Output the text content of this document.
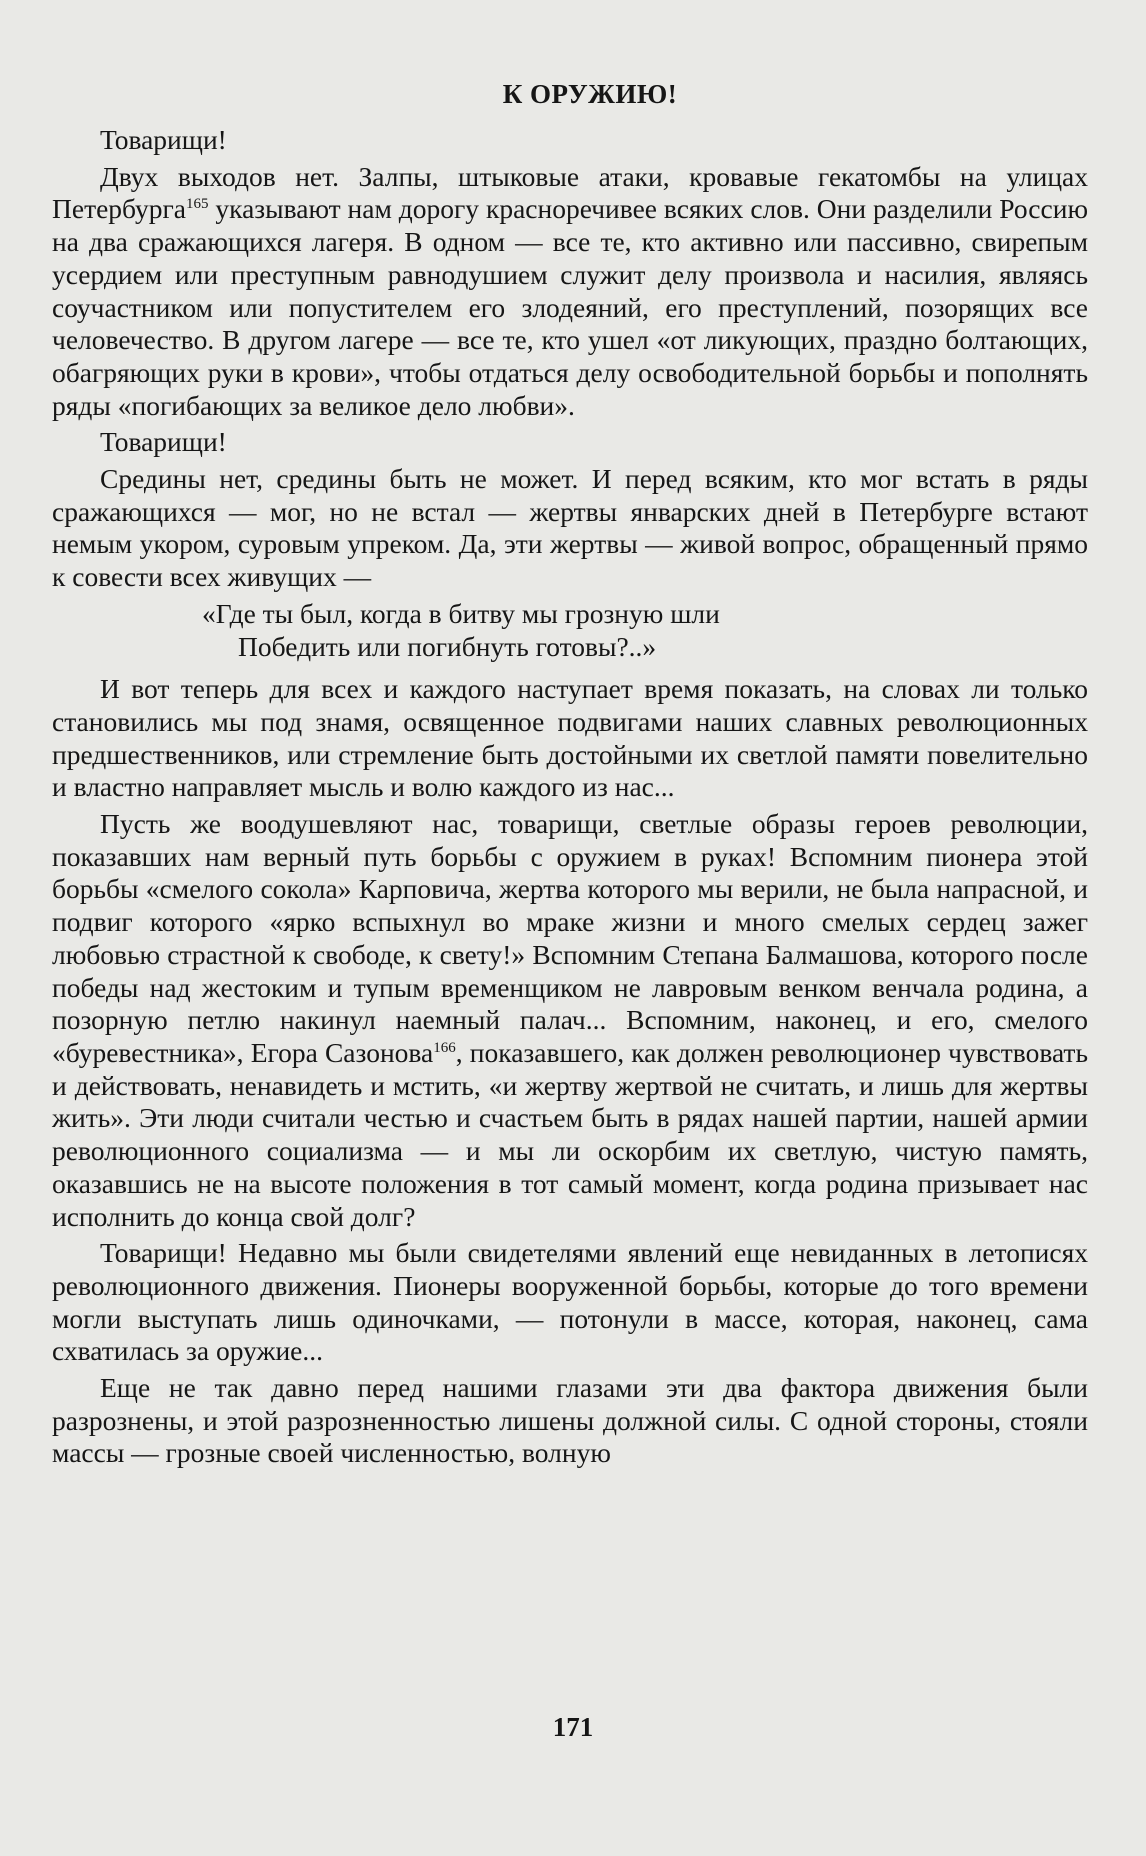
К ОРУЖИЮ!

Товарищи!

Двух выходов нет. Залпы, штыковые атаки, кровавые гекатомбы на улицах Петербурга$^{165}$ указывают нам дорогу красноречивее всяких слов. Они разделили Россию на два сражающихся лагеря. В одном — все те, кто активно или пассивно, свирепым усердием или преступным равнодушием служит делу произвола и насилия, являясь соучастником или попустителем его злодеяний, его преступлений, позорящих все человечество. В другом лагере — все те, кто ушел «от ликующих, праздно болтающих, обагряющих руки в крови», чтобы отдаться делу освободительной борьбы и пополнять ряды «погибающих за великое дело любви».

Товарищи!

Средины нет, средины быть не может. И перед всяким, кто мог встать в ряды сражающихся — мог, но не встал — жертвы январских дней в Петербурге встают немым укором, суровым упреком. Да, эти жертвы — живой вопрос, обращенный прямо к совести всех живущих —

«Где ты был, когда в битву мы грозную шли
Победить или погибнуть готовы?..»

И вот теперь для всех и каждого наступает время показать, на словах ли только становились мы под знамя, освященное подвигами наших славных революционных предшественников, или стремление быть достойными их светлой памяти повелительно и властно направляет мысль и волю каждого из нас...

Пусть же воодушевляют нас, товарищи, светлые образы героев революции, показавших нам верный путь борьбы с оружием в руках! Вспомним пионера этой борьбы «смелого сокола» Карповича, жертва которого мы верили, не была напрасной, и подвиг которого «ярко вспыхнул во мраке жизни и много смелых сердец зажег любовью страстной к свободе, к свету!» Вспомним Степана Балмашова, которого после победы над жестоким и тупым временщиком не лавровым венком венчала родина, а позорную петлю накинул наемный палач... Вспомним, наконец, и его, смелого «буревестника», Егора Сазонова$^{166}$, показавшего, как должен революционер чувствовать и действовать, ненавидеть и мстить, «и жертву жертвой не считать, и лишь для жертвы жить». Эти люди считали честью и счастьем быть в рядах нашей партии, нашей армии революционного социализма — и мы ли оскорбим их светлую, чистую память, оказавшись не на высоте положения в тот самый момент, когда родина призывает нас исполнить до конца свой долг?

Товарищи! Недавно мы были свидетелями явлений еще невиданных в летописях революционного движения. Пионеры вооруженной борьбы, которые до того времени могли выступать лишь одиночками, — потонули в массе, которая, наконец, сама схватилась за оружие...

Еще не так давно перед нашими глазами эти два фактора движения были разрознены, и этой разрозненностью лишены должной силы. С одной стороны, стояли массы — грозные своей численностью, волную

171
